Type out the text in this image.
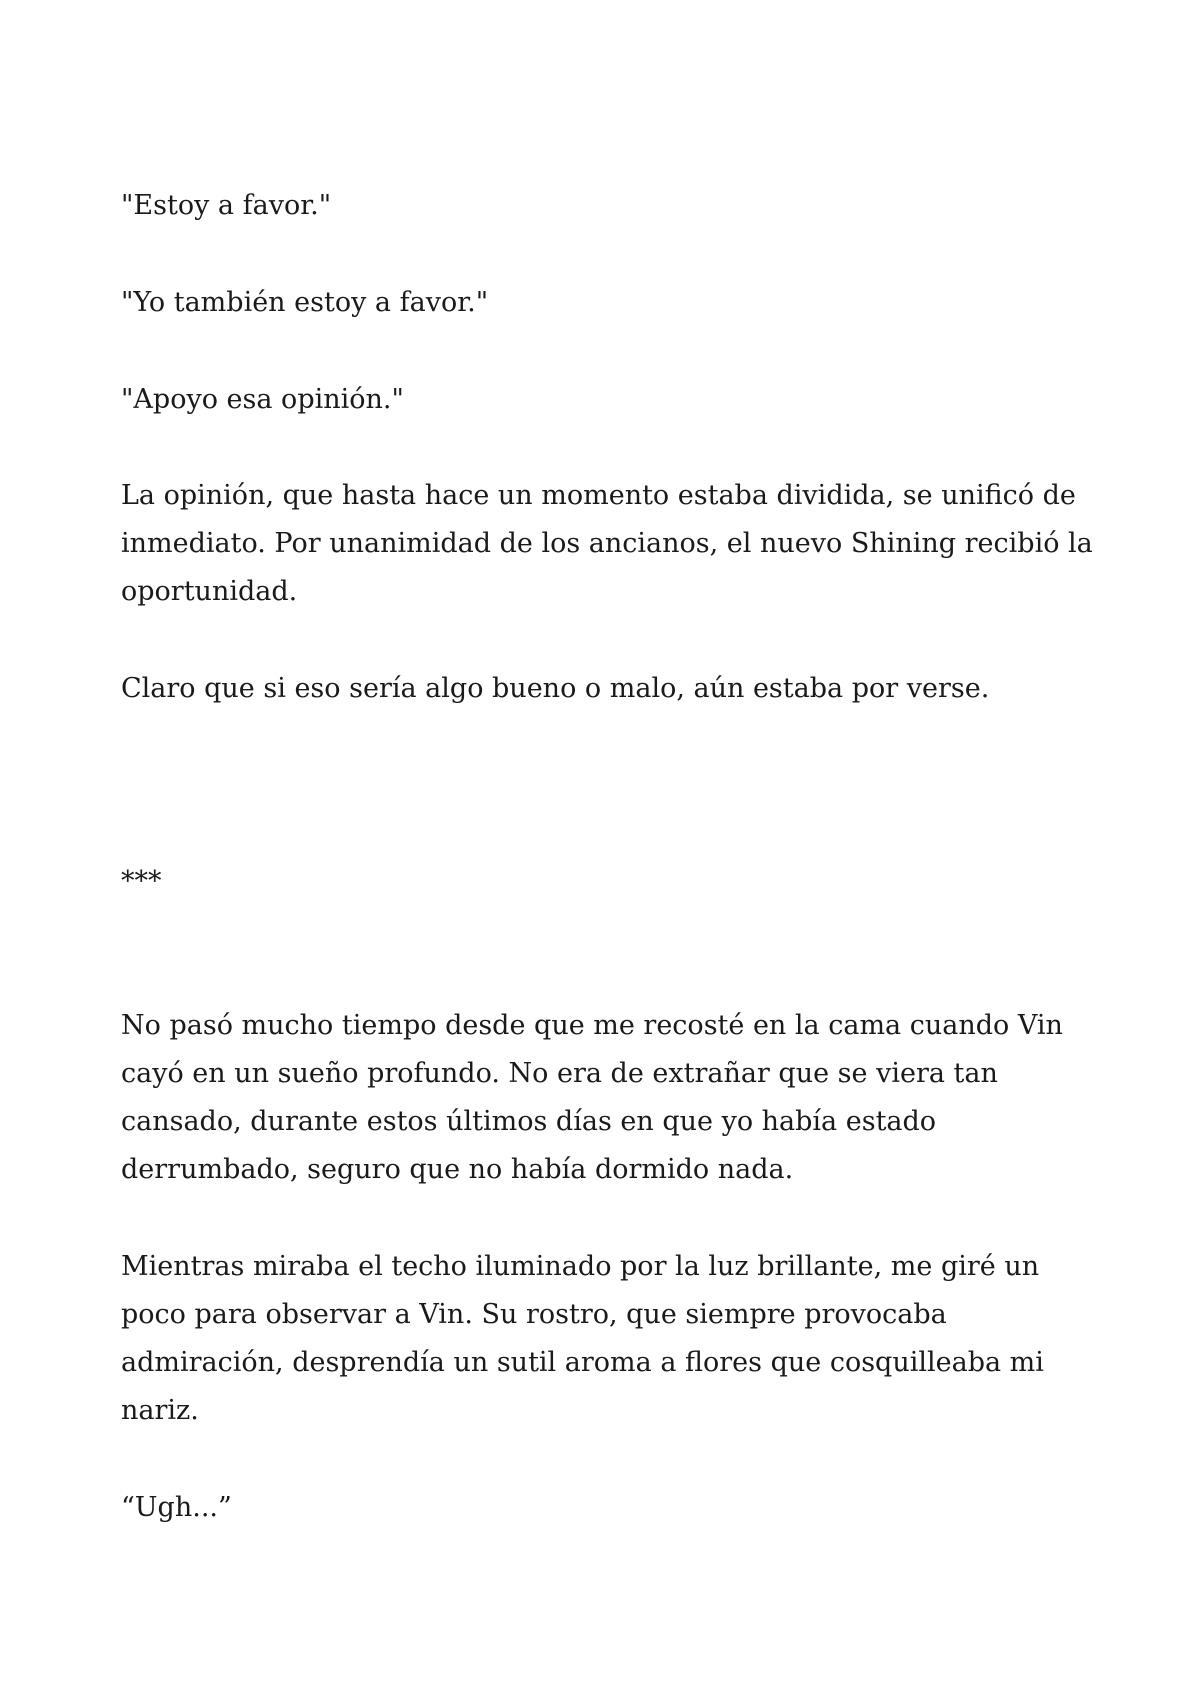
"Estoy a favor."

"Yo también estoy a favor."

"Apoyo esa opinión."

La opinión, que hasta hace un momento estaba dividida, se unificó de inmediato. Por unanimidad de los ancianos, el nuevo Shining recibió la oportunidad.

Claro que si eso sería algo bueno o malo, aún estaba por verse.

***

No pasó mucho tiempo desde que me recosté en la cama cuando Vin cayó en un sueño profundo. No era de extrañar que se viera tan cansado, durante estos últimos días en que yo había estado derrumbado, seguro que no había dormido nada.

Mientras miraba el techo iluminado por la luz brillante, me giré un poco para observar a Vin. Su rostro, que siempre provocaba admiración, desprendía un sutil aroma a flores que cosquilleaba mi nariz.

“Ugh...”
